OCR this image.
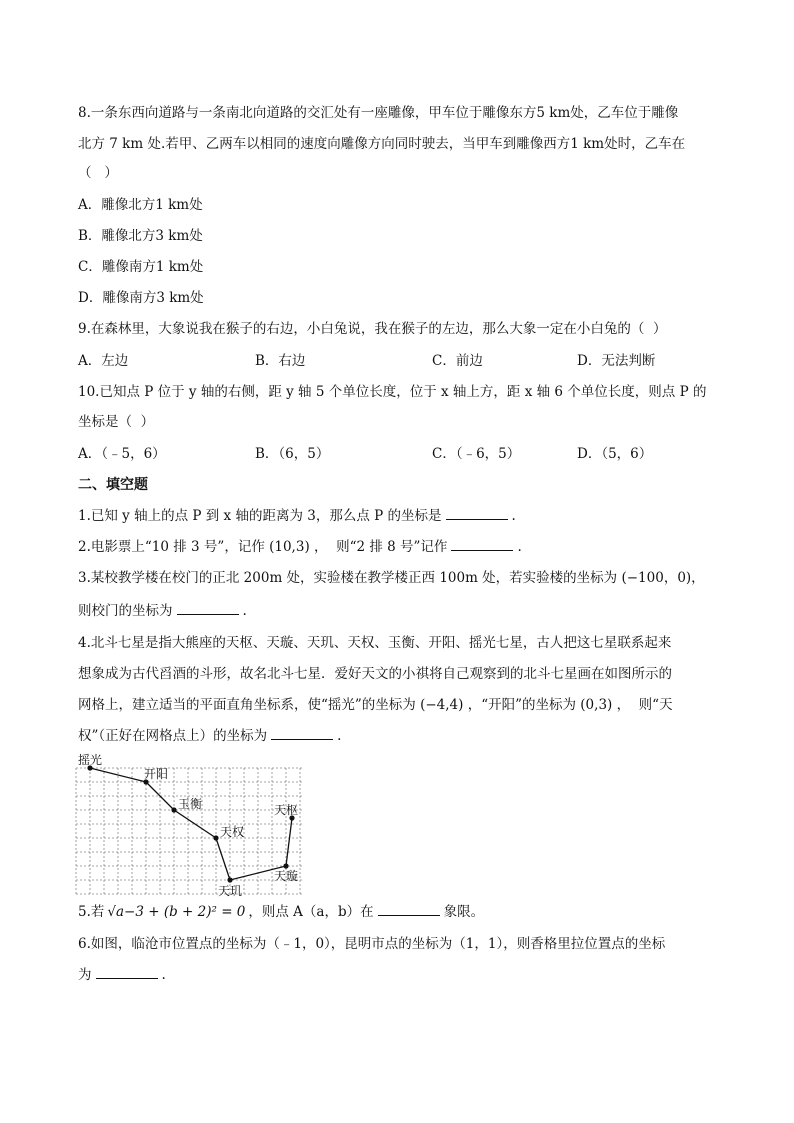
8.一条东西向道路与一条南北向道路的交汇处有一座雕像，甲车位于雕像东方5 km处，乙车位于雕像
北方 7 km 处.若甲、乙两车以相同的速度向雕像方向同时驶去，当甲车到雕像西方1 km处时，乙车在
（   ）
A．雕像北方1 km处
B．雕像北方3 km处
C．雕像南方1 km处
D．雕像南方3 km处
9.在森林里，大象说我在猴子的右边，小白兔说，我在猴子的左边，那么大象一定在小白兔的（  ）
A．左边	B．右边	C．前边	D．无法判断
10.已知点 P 位于 y 轴的右侧，距 y 轴 5 个单位长度，位于 x 轴上方，距 x 轴 6 个单位长度，则点 P 的
坐标是（  ）
A．（﹣5，6）	B．（6，5）	C．（﹣6，5）	D．（5，6）
二、填空题
1.已知 y 轴上的点 P 到 x 轴的距离为 3，那么点 P 的坐标是	.
2.电影票上“10 排 3 号”，记作 (10,3) ，  则“2 排 8 号”记作	.
3.某校教学楼在校门的正北 200m 处，实验楼在教学楼正西 100m 处，若实验楼的坐标为 (−100，0)，
则校门的坐标为	.
4.北斗七星是指大熊座的天枢、天璇、天玑、天权、玉衡、开阳、摇光七星，古人把这七星联系起来
想象成为古代舀酒的斗形，故名北斗七星．爱好天文的小祺将自己观察到的北斗七星画在如图所示的
网格上，建立适当的平面直角坐标系，使“摇光”的坐标为 (−4,4) ，“开阳”的坐标为 (0,3) ，  则“天
权”（正好在网格点上）的坐标为	.
摇光
开阳
玉衡
天权
天玑
天璇
天枢
5.若 √a−3 + (b + 2)² = 0 ，则点 A（a，b）在	象限。
6.如图，临沧市位置点的坐标为（﹣1，0），昆明市点的坐标为（1，1），则香格里拉位置点的坐标
为	.
